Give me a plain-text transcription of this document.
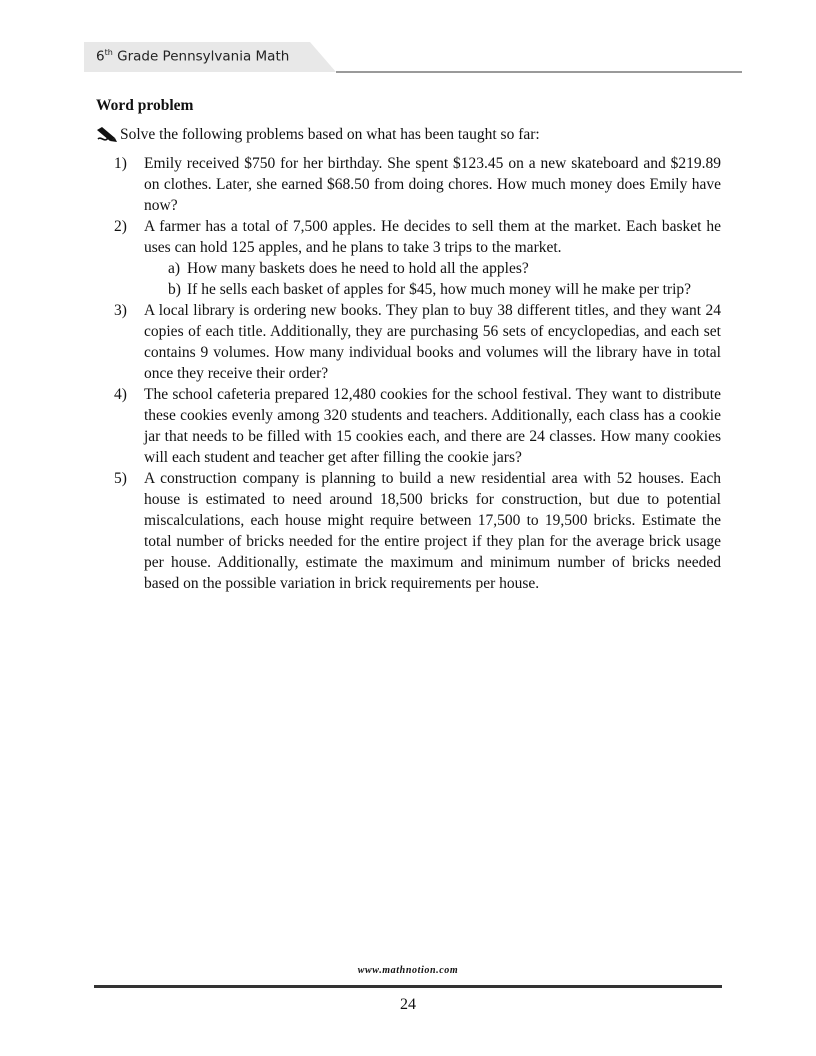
6th Grade Pennsylvania Math
Word problem
Solve the following problems based on what has been taught so far:
1)	Emily received $750 for her birthday. She spent $123.45 on a new skateboard and $219.89 on clothes. Later, she earned $68.50 from doing chores. How much money does Emily have now?
2)	A farmer has a total of 7,500 apples. He decides to sell them at the market. Each basket he uses can hold 125 apples, and he plans to take 3 trips to the market.
a) How many baskets does he need to hold all the apples?
b) If he sells each basket of apples for $45, how much money will he make per trip?
3)	A local library is ordering new books. They plan to buy 38 different titles, and they want 24 copies of each title. Additionally, they are purchasing 56 sets of encyclopedias, and each set contains 9 volumes. How many individual books and volumes will the library have in total once they receive their order?
4)	The school cafeteria prepared 12,480 cookies for the school festival. They want to distribute these cookies evenly among 320 students and teachers. Additionally, each class has a cookie jar that needs to be filled with 15 cookies each, and there are 24 classes. How many cookies will each student and teacher get after filling the cookie jars?
5)	A construction company is planning to build a new residential area with 52 houses. Each house is estimated to need around 18,500 bricks for construction, but due to potential miscalculations, each house might require between 17,500 to 19,500 bricks. Estimate the total number of bricks needed for the entire project if they plan for the average brick usage per house. Additionally, estimate the maximum and minimum number of bricks needed based on the possible variation in brick requirements per house.
www.mathnotion.com
24
